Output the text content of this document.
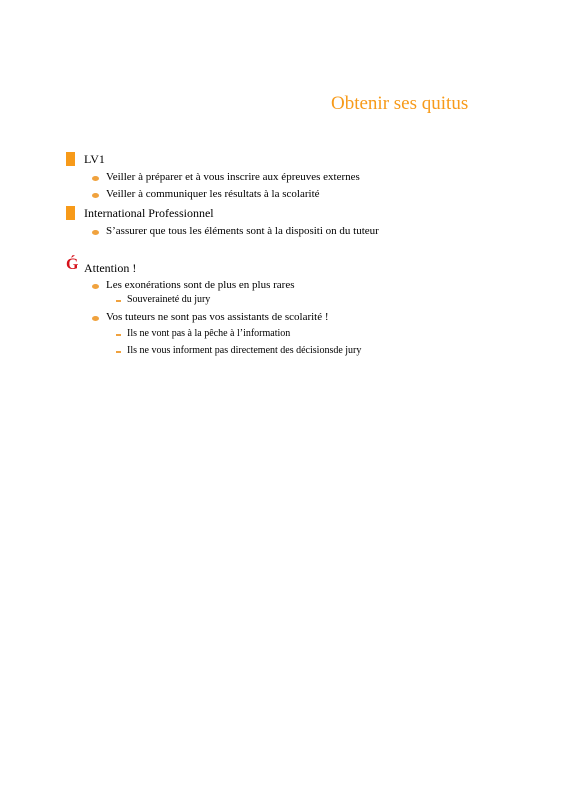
Obtenir ses quitus
LV1
Veiller à préparer et à vous inscrire aux épreuves externes
Veiller à communiquer les résultats à la scolarité
International Professionnel
S’assurer que tous les éléments sont à la dispositi on du tuteur
Ǵ Attention !
Les exonérations sont de plus en plus rares
Souveraineté du jury
Vos tuteurs ne sont pas vos assistants de scolarité !
Ils ne vont pas à la pêche à l’information
Ils ne vous informent pas directement des décisionsde jury
